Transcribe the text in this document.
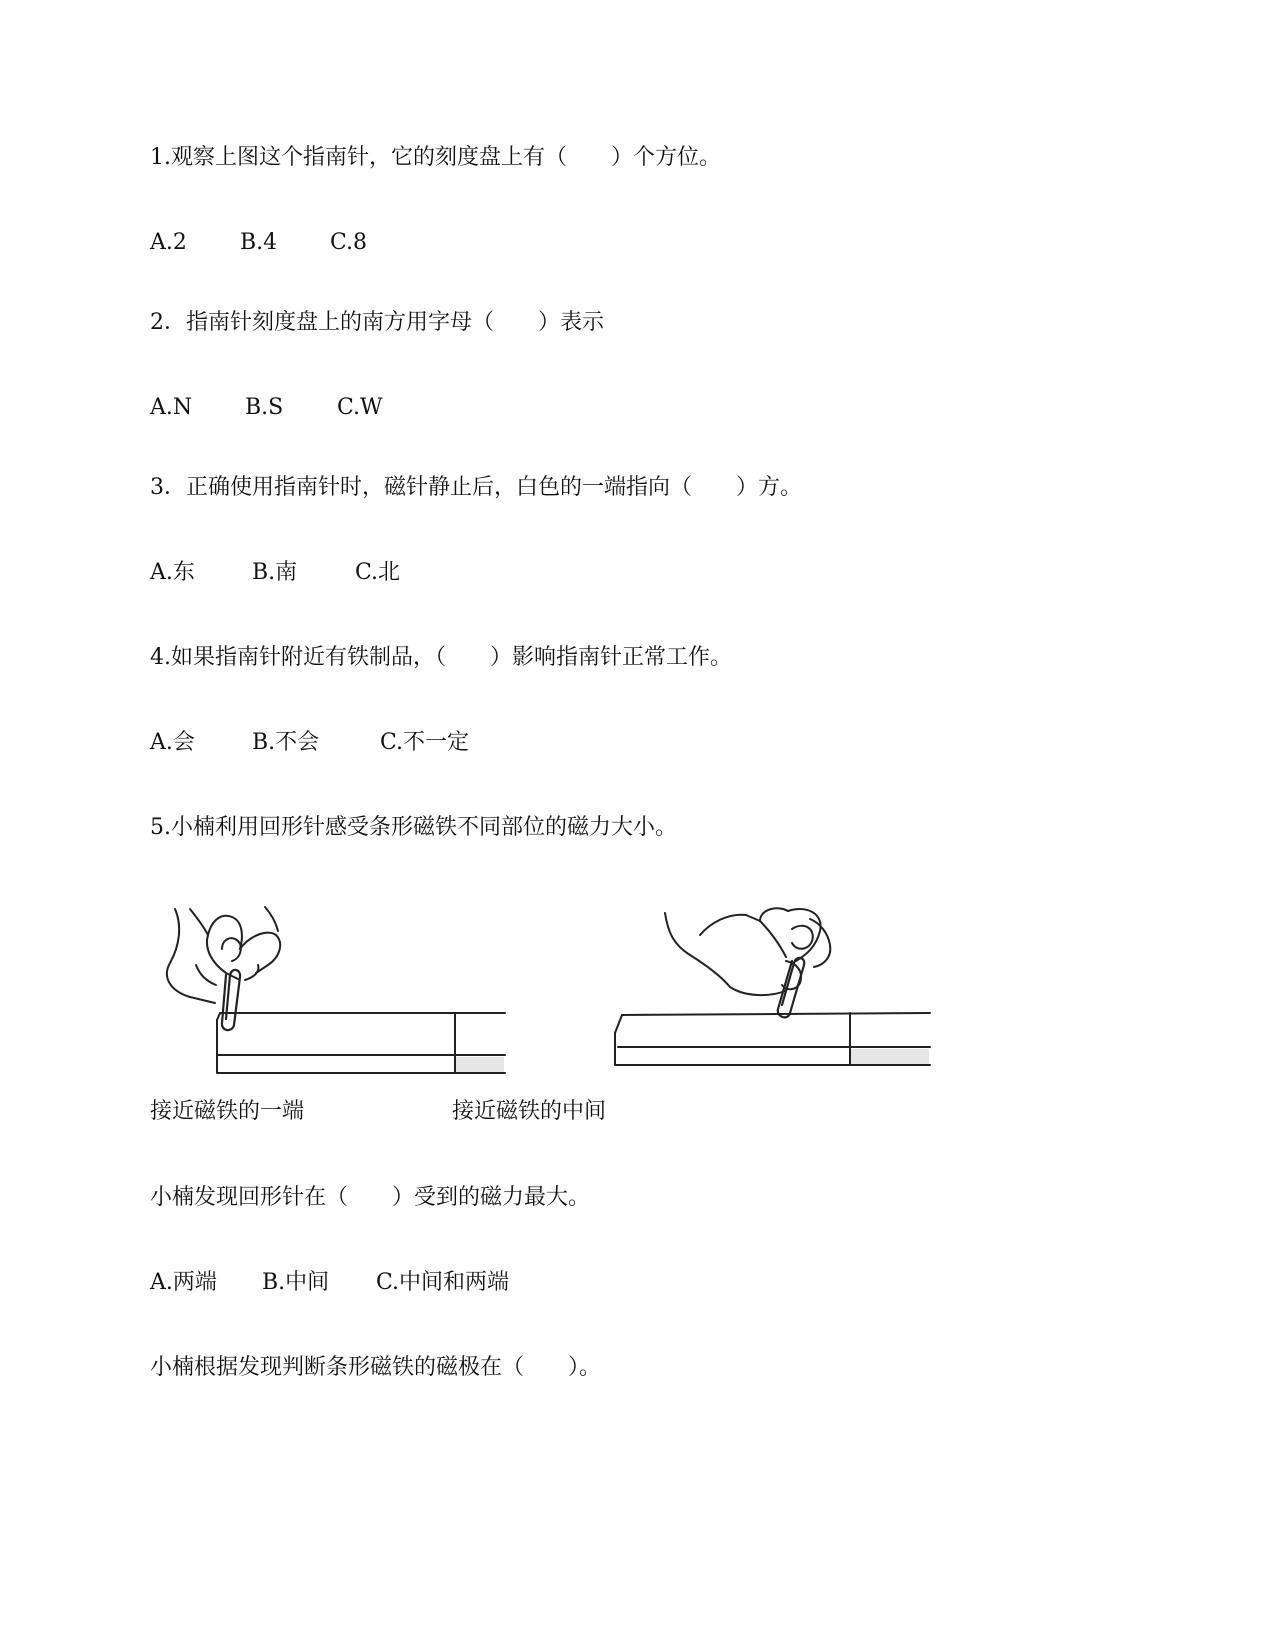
1.观察上图这个指南针，它的刻度盘上有（　　）个方位。
A.2 B.4 C.8
2．指南针刻度盘上的南方用字母（　　）表示
A.N B.S C.W
3．正确使用指南针时，磁针静止后，白色的一端指向（　　）方。
A.东	B.南	C.北
4.如果指南针附近有铁制品，（　　）影响指南针正常工作。
A.会	B.不会	C.不一定
5.小楠利用回形针感受条形磁铁不同部位的磁力大小。
接近磁铁的一端	接近磁铁的中间
小楠发现回形针在（　　）受到的磁力最大。
A.两端 B.中间 C.中间和两端
小楠根据发现判断条形磁铁的磁极在（　　）。
